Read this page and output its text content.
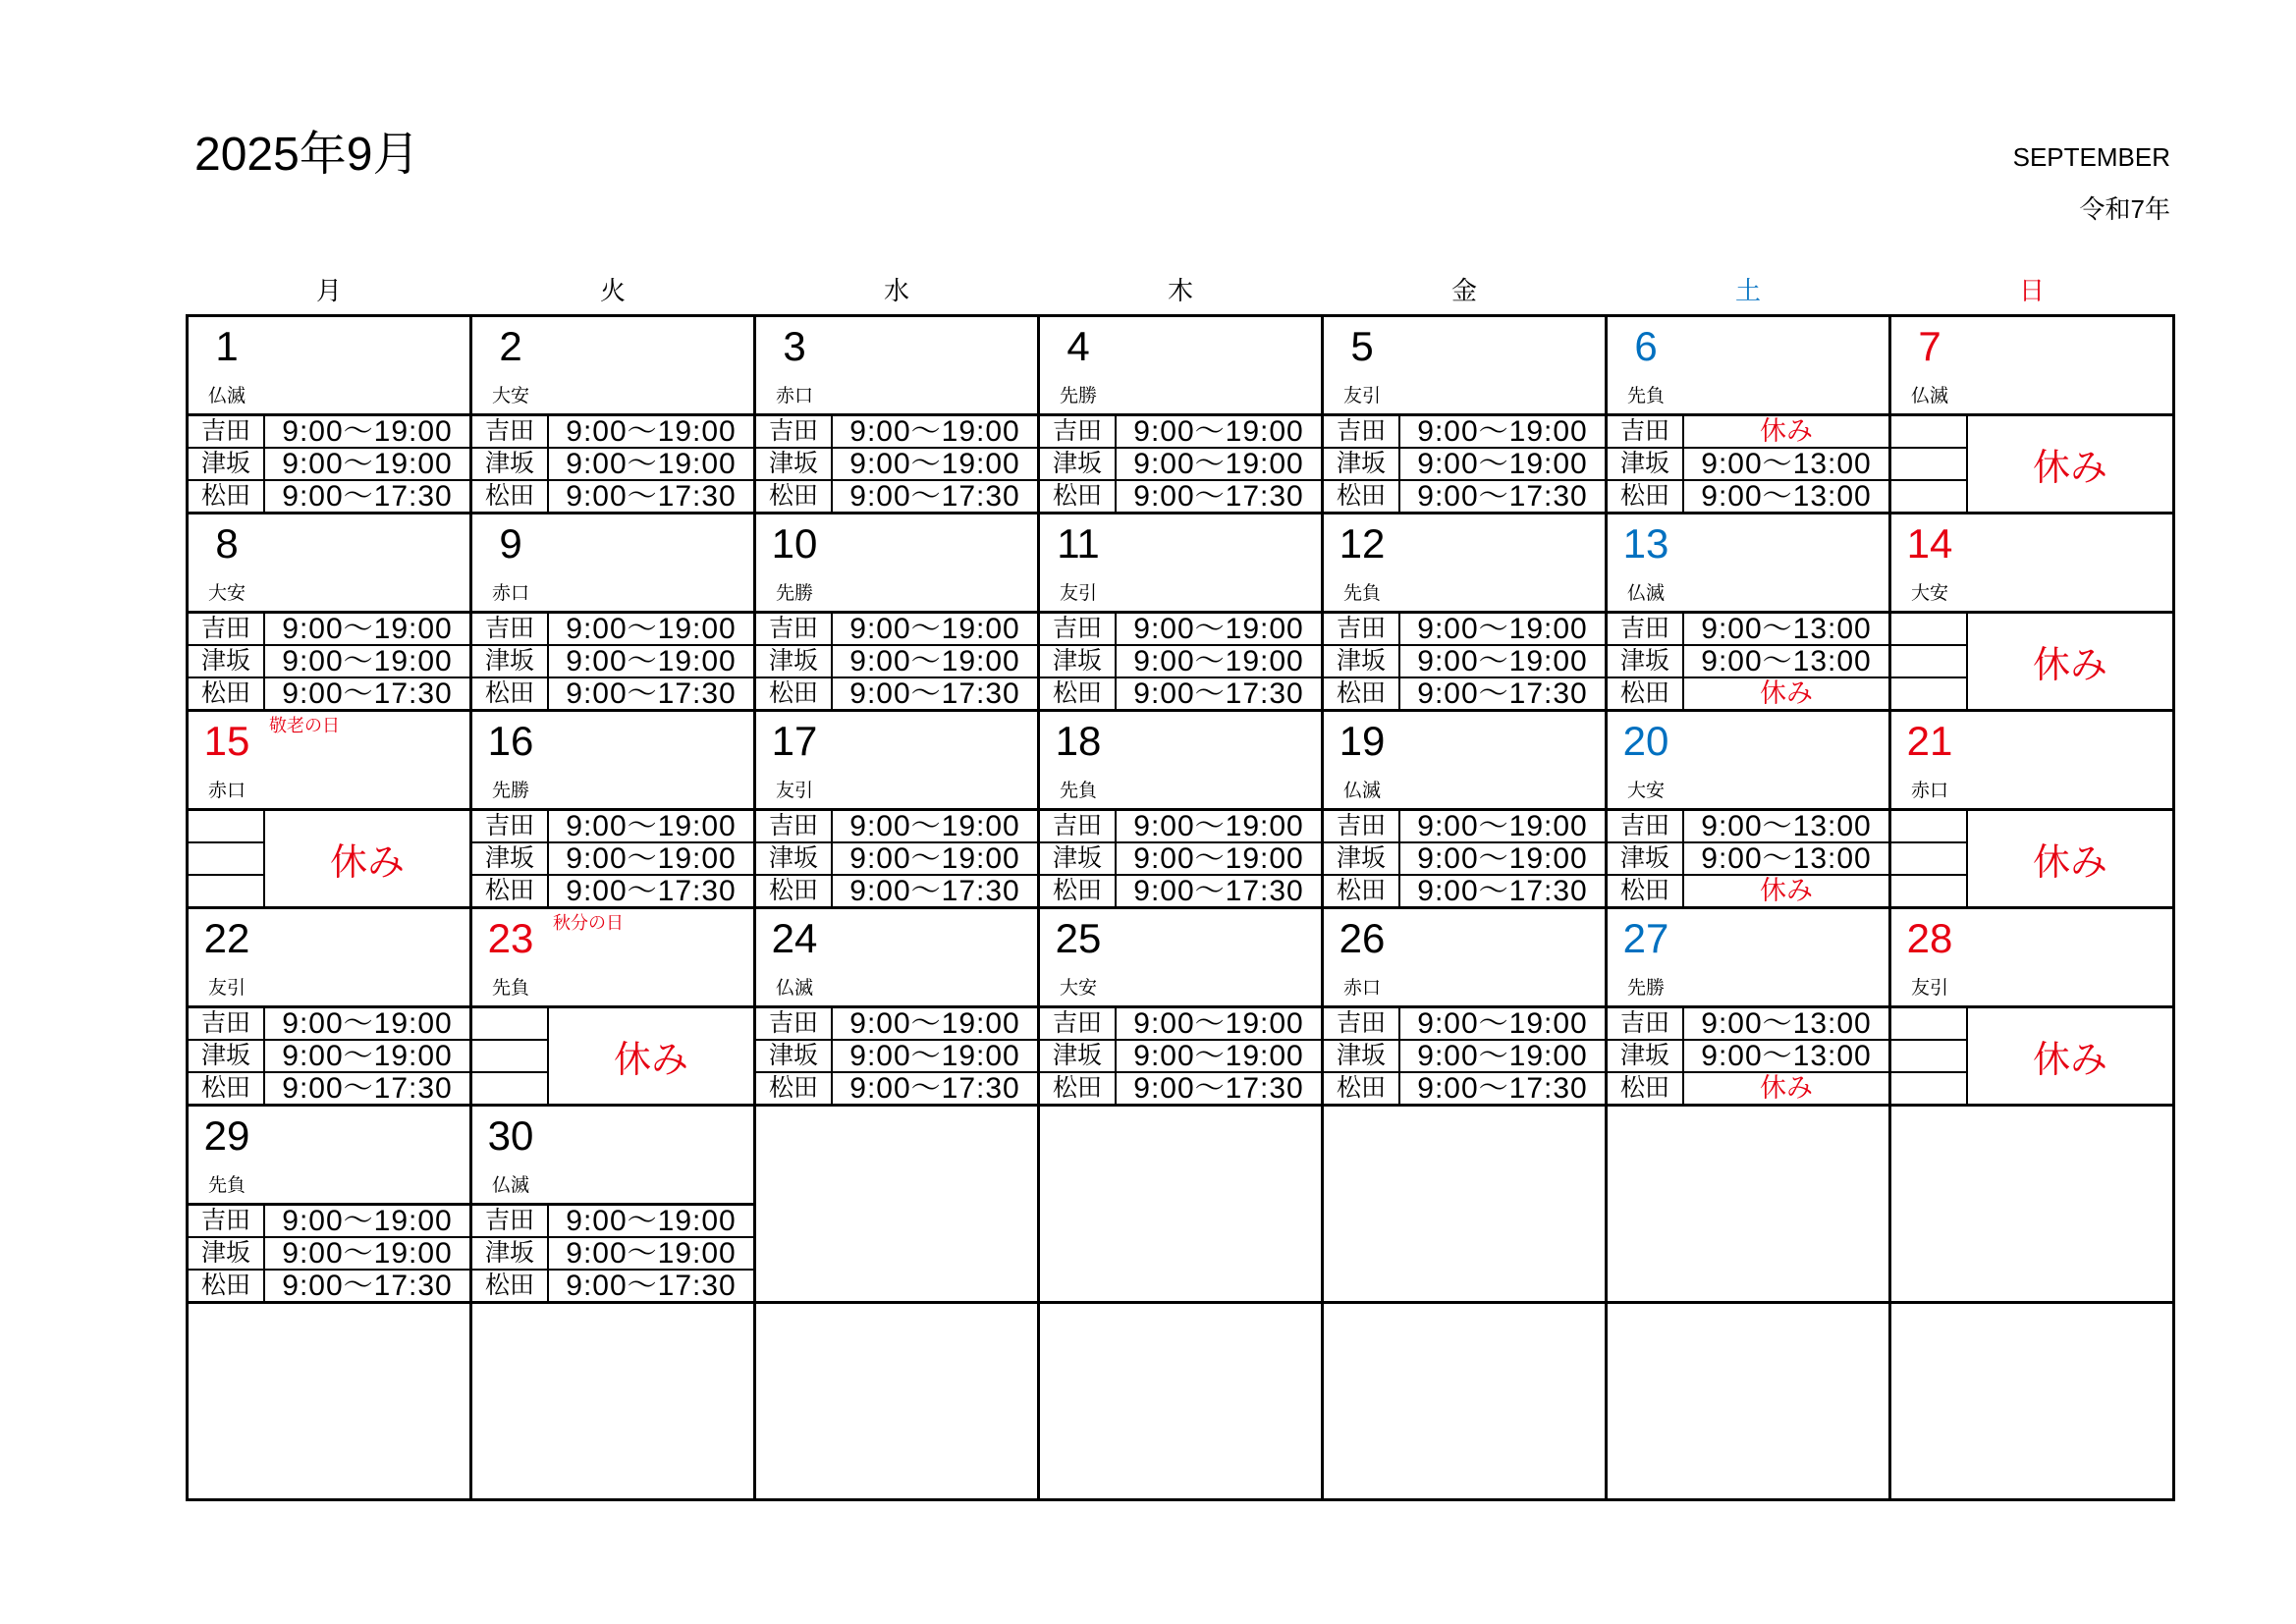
2025年9月	SEPTEMBER
令和7年
月	火	水	木	金	土	日
1
仏滅
吉田	9:00～19:00
津坂	9:00～19:00
松田	9:00～17:30
2
大安
吉田	9:00～19:00
津坂	9:00～19:00
松田	9:00～17:30
3
赤口
吉田	9:00～19:00
津坂	9:00～19:00
松田	9:00～17:30
4
先勝
吉田	9:00～19:00
津坂	9:00～19:00
松田	9:00～17:30
5
友引
吉田	9:00～19:00
津坂	9:00～19:00
松田	9:00～17:30
6
先負
吉田	休み
津坂	9:00～13:00
松田	9:00～13:00
7
仏滅
休み
8
大安
吉田	9:00～19:00
津坂	9:00～19:00
松田	9:00～17:30
9
赤口
吉田	9:00～19:00
津坂	9:00～19:00
松田	9:00～17:30
10
先勝
吉田	9:00～19:00
津坂	9:00～19:00
松田	9:00～17:30
11
友引
吉田	9:00～19:00
津坂	9:00～19:00
松田	9:00～17:30
12
先負
吉田	9:00～19:00
津坂	9:00～19:00
松田	9:00～17:30
13
仏滅
吉田	9:00～13:00
津坂	9:00～13:00
松田	休み
14
大安
休み
15	敬老の日
赤口
休み
16
先勝
吉田	9:00～19:00
津坂	9:00～19:00
松田	9:00～17:30
17
友引
吉田	9:00～19:00
津坂	9:00～19:00
松田	9:00～17:30
18
先負
吉田	9:00～19:00
津坂	9:00～19:00
松田	9:00～17:30
19
仏滅
吉田	9:00～19:00
津坂	9:00～19:00
松田	9:00～17:30
20
大安
吉田	9:00～13:00
津坂	9:00～13:00
松田	休み
21
赤口
休み
22
友引
吉田	9:00～19:00
津坂	9:00～19:00
松田	9:00～17:30
23	秋分の日
先負
休み
24
仏滅
吉田	9:00～19:00
津坂	9:00～19:00
松田	9:00～17:30
25
大安
吉田	9:00～19:00
津坂	9:00～19:00
松田	9:00～17:30
26
赤口
吉田	9:00～19:00
津坂	9:00～19:00
松田	9:00～17:30
27
先勝
吉田	9:00～13:00
津坂	9:00～13:00
松田	休み
28
友引
休み
29
先負
吉田	9:00～19:00
津坂	9:00～19:00
松田	9:00～17:30
30
仏滅
吉田	9:00～19:00
津坂	9:00～19:00
松田	9:00～17:30
